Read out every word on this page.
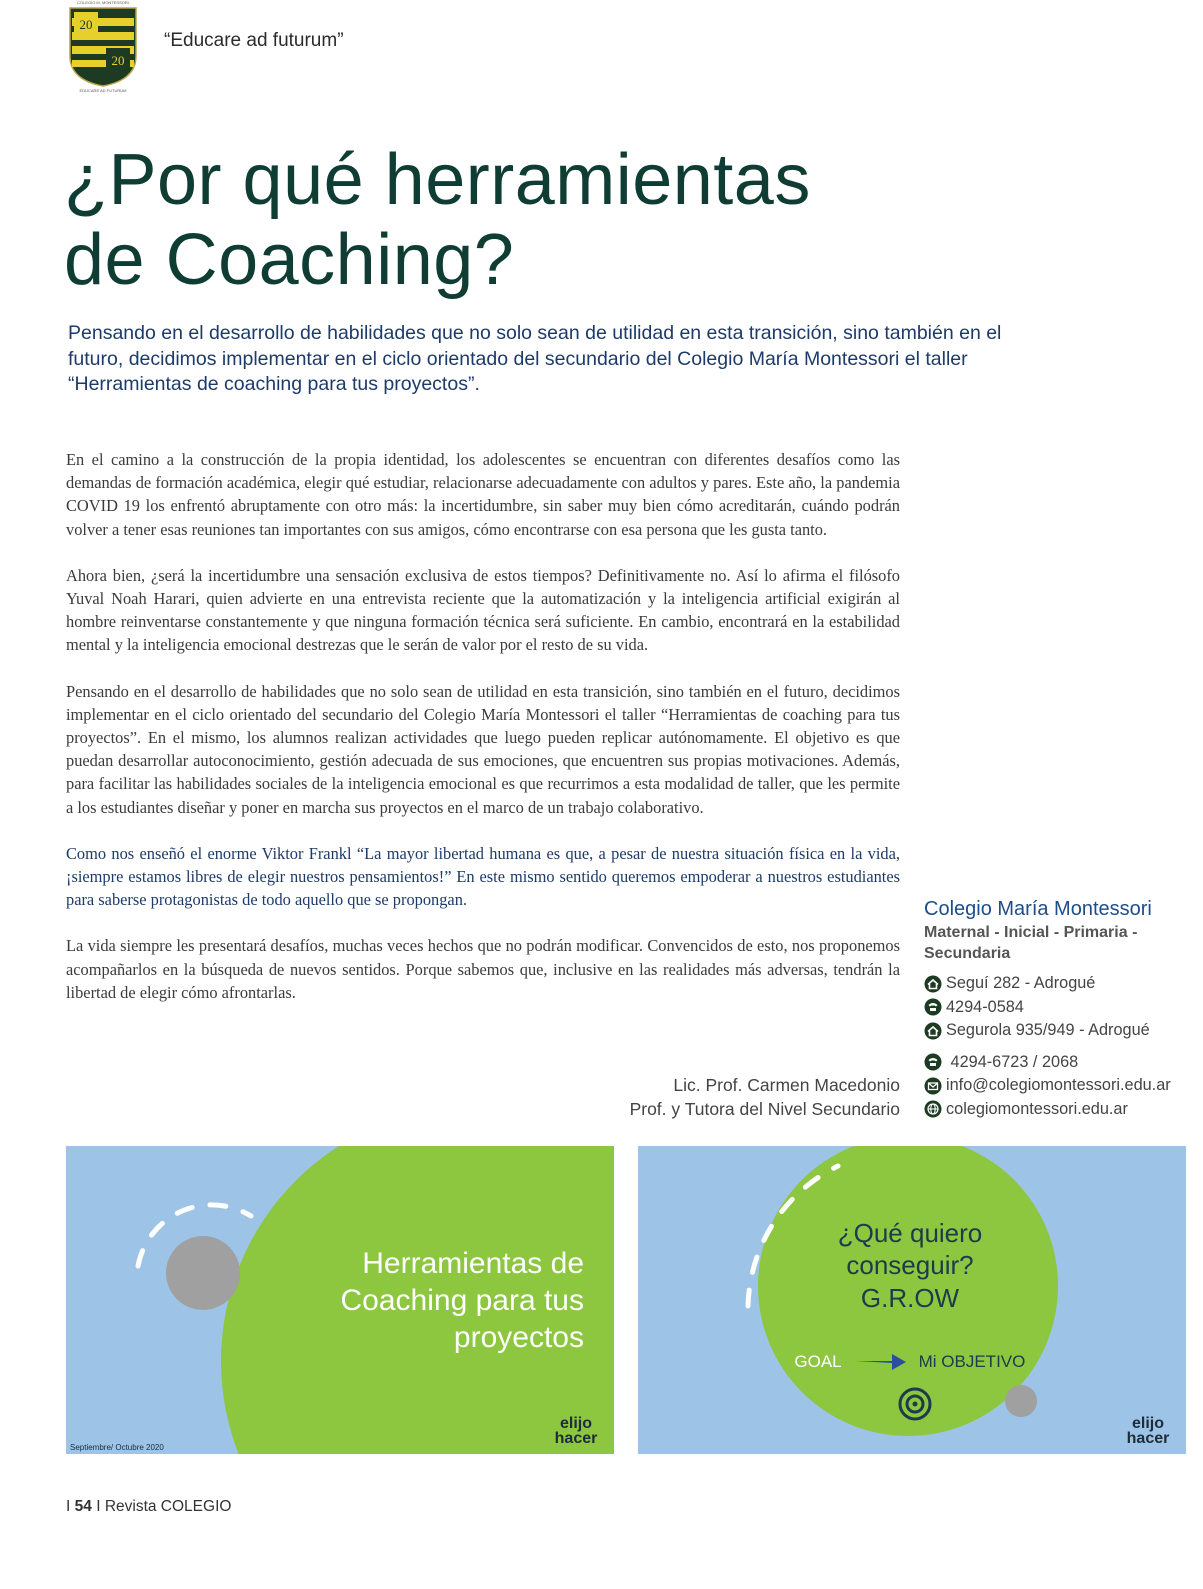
COLEGIO M. MONTESSORI
20
20
EDUCARE AD FUTURUM
“Educare ad futurum”
¿Por qué herramientas
de Coaching?

Pensando en el desarrollo de habilidades que no solo sean de utilidad en esta transición, sino también en el futuro, decidimos implementar en el ciclo orientado del secundario del Colegio María Montessori el taller “Herramientas de coaching para tus proyectos”.

En el camino a la construcción de la propia identidad, los adolescentes se encuentran con diferentes desafíos como las demandas de formación académica, elegir qué estudiar, relacionarse adecuadamente con adultos y pares. Este año, la pandemia COVID 19 los enfrentó abruptamente con otro más: la incertidumbre, sin saber muy bien cómo acreditarán, cuándo podrán volver a tener esas reuniones tan importantes con sus amigos, cómo encontrarse con esa persona que les gusta tanto.

Ahora bien, ¿será la incertidumbre una sensación exclusiva de estos tiempos? Definitivamente no. Así lo afirma el filósofo Yuval Noah Harari, quien advierte en una entrevista reciente que la automatización y la inteligencia artificial exigirán al hombre reinventarse constantemente y que ninguna formación técnica será suficiente. En cambio, encontrará en la estabilidad mental y la inteligencia emocional destrezas que le serán de valor por el resto de su vida.

Pensando en el desarrollo de habilidades que no solo sean de utilidad en esta transición, sino también en el futuro, decidimos implementar en el ciclo orientado del secundario del Colegio María Montessori el taller “Herramientas de coaching para tus proyectos”. En el mismo, los alumnos realizan actividades que luego pueden replicar autónomamente. El objetivo es que puedan desarrollar autoconocimiento, gestión adecuada de sus emociones, que encuentren sus propias motivaciones. Además, para facilitar las habilidades sociales de la inteligencia emocional es que recurrimos a esta modalidad de taller, que les permite a los estudiantes diseñar y poner en marcha sus proyectos en el marco de un trabajo colaborativo.

Como nos enseñó el enorme Viktor Frankl “La mayor libertad humana es que, a pesar de nuestra situación física en la vida, ¡siempre estamos libres de elegir nuestros pensamientos!” En este mismo sentido queremos empoderar a nuestros estudiantes para saberse protagonistas de todo aquello que se propongan.

La vida siempre les presentará desafíos, muchas veces hechos que no podrán modificar. Convencidos de esto, nos proponemos acompañarlos en la búsqueda de nuevos sentidos. Porque sabemos que, inclusive en las realidades más adversas, tendrán la libertad de elegir cómo afrontarlas.

Lic. Prof. Carmen Macedonio
Prof. y Tutora del Nivel Secundario
Colegio María Montessori
Maternal - Inicial - Primaria - Secundaria
Seguí 282 - Adrogué
4294-0584
Segurola 935/949 - Adrogué
4294-6723 / 2068
info@colegiomontessori.edu.ar
colegiomontessori.edu.ar
Herramientas de
Coaching para tus
proyectos
elijo
hacer
Septiembre/ Octubre 2020
¿Qué quiero
conseguir?
G.R.OW
GOAL	Mi OBJETIVO
elijo
hacer
I 54 I Revista COLEGIO
